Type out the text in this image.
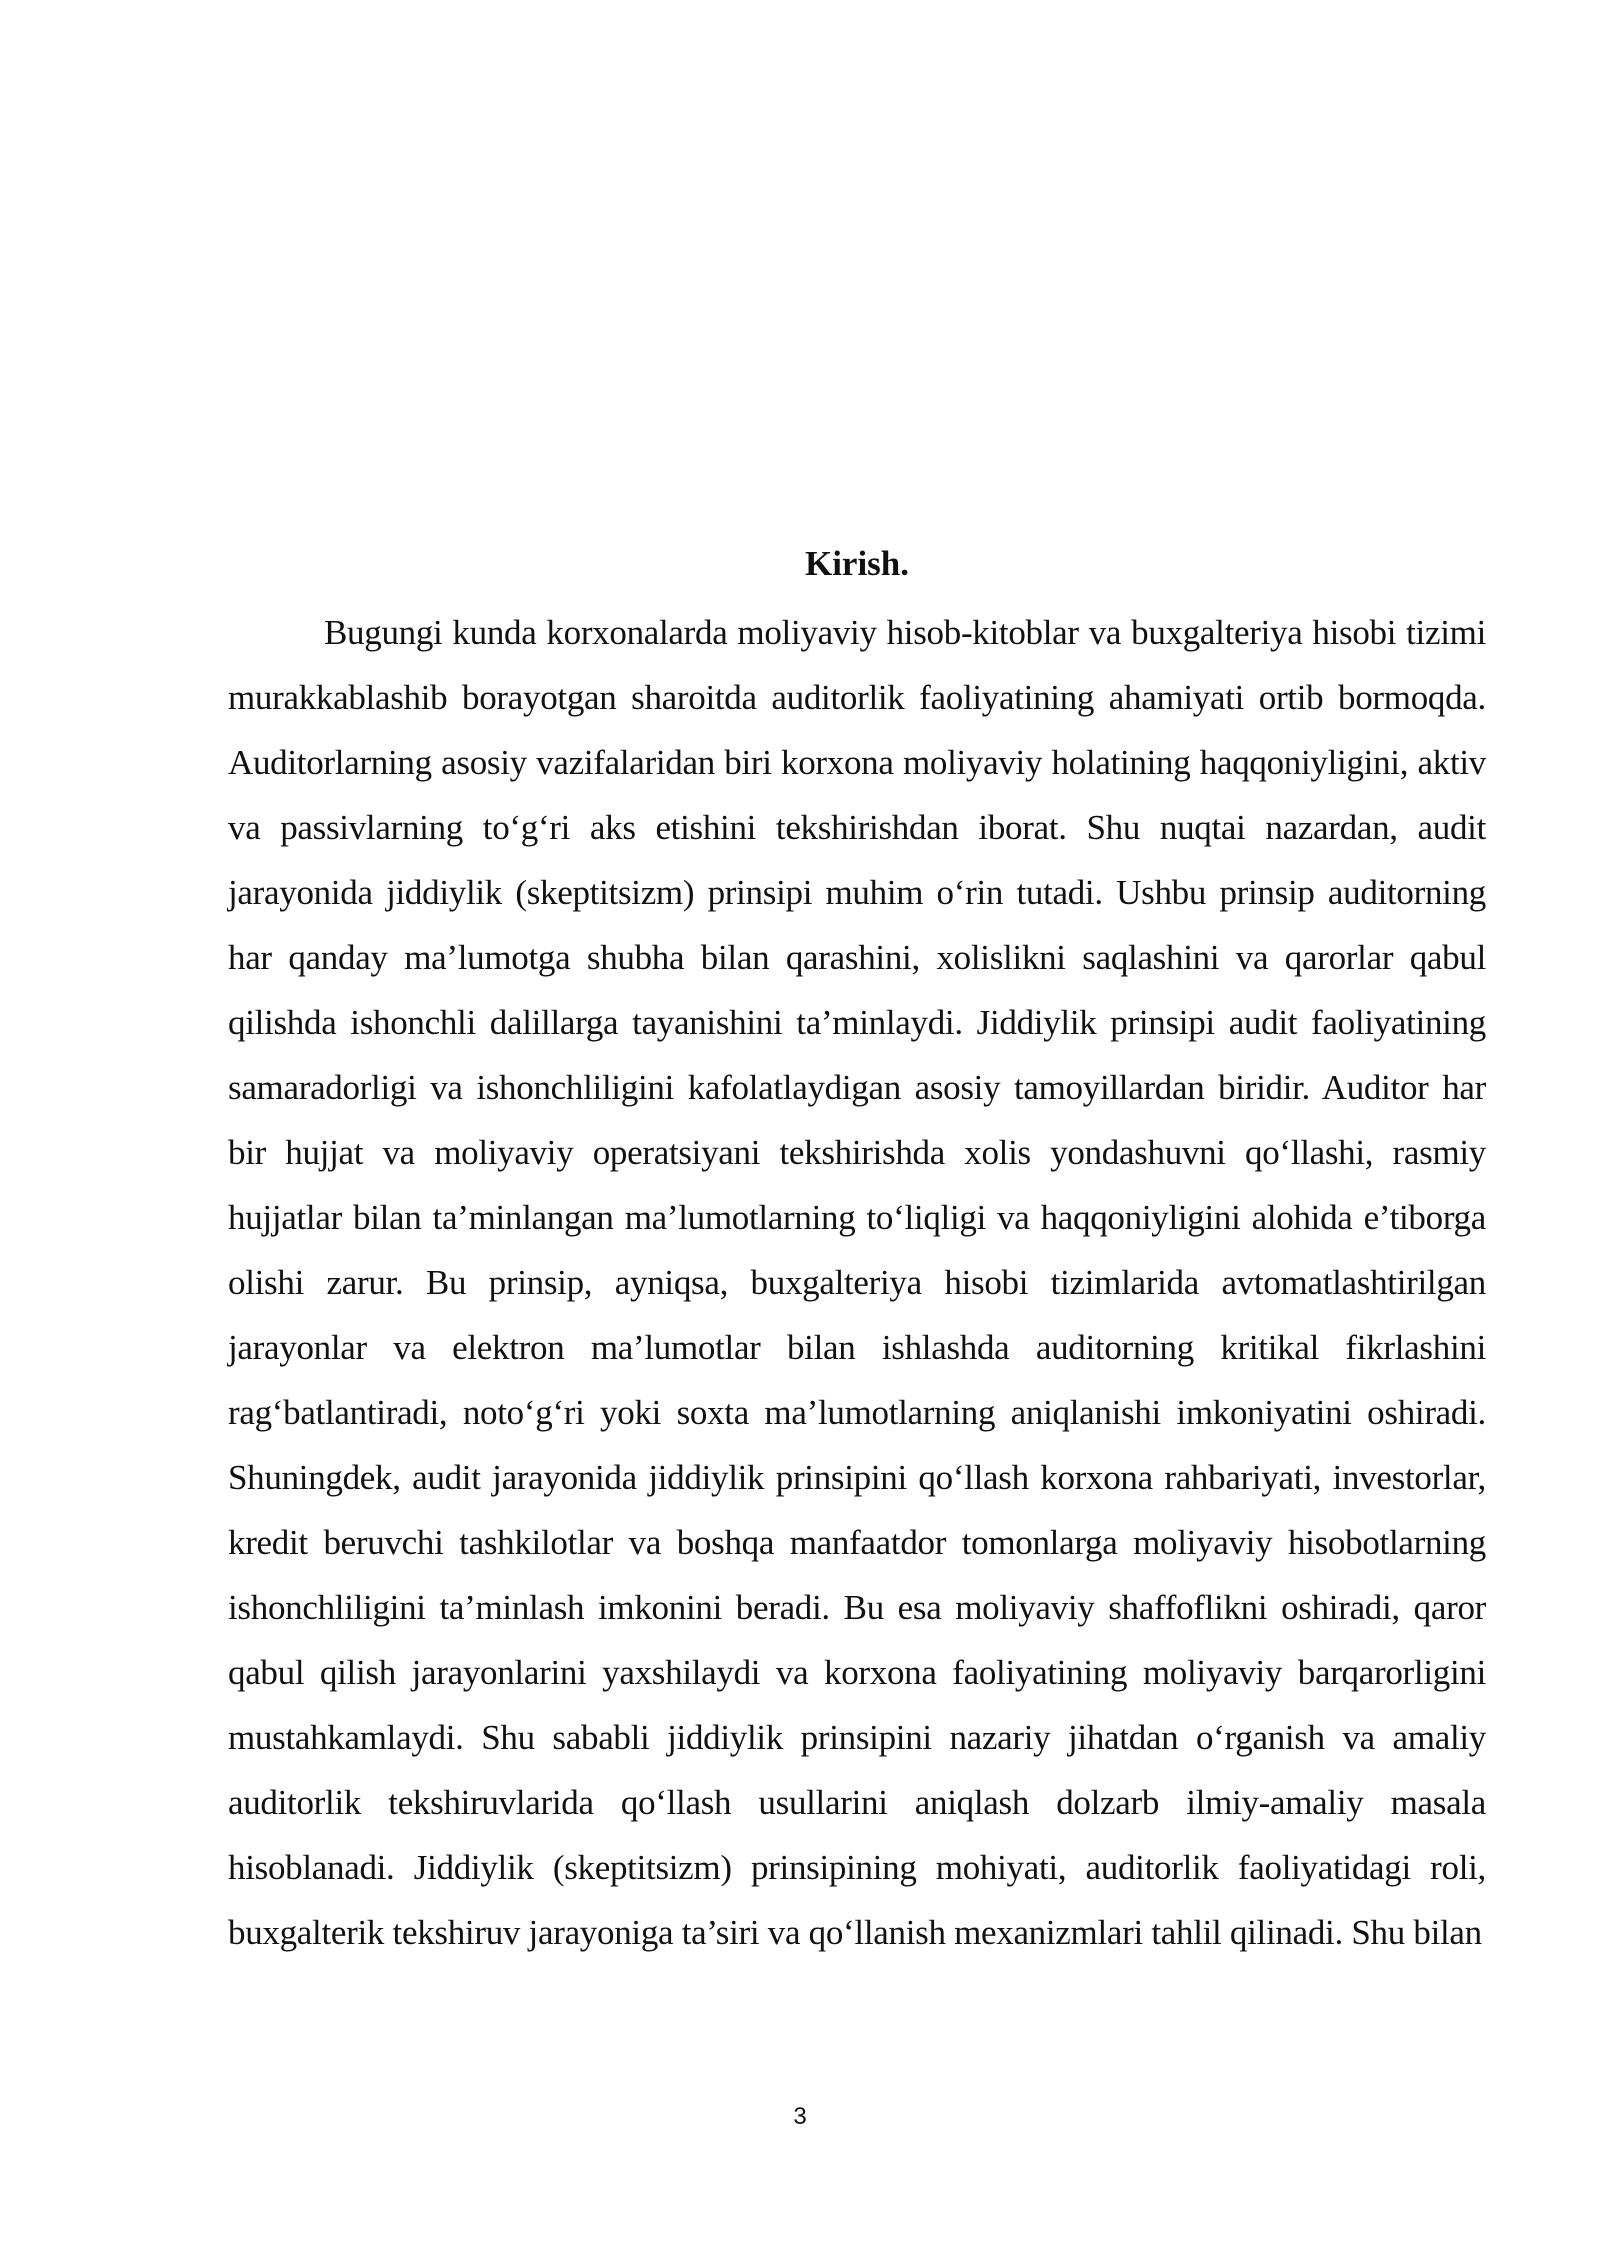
Kirish.

Bugungi kunda korxonalarda moliyaviy hisob-kitoblar va buxgalteriya hisobi tizimi murakkablashib borayotgan sharoitda auditorlik faoliyatining ahamiyati ortib bormoqda. Auditorlarning asosiy vazifalaridan biri korxona moliyaviy holatining haqqoniyligini, aktiv va passivlarning to‘g‘ri aks etishini tekshirishdan iborat. Shu nuqtai nazardan, audit jarayonida jiddiylik (skeptitsizm) prinsipi muhim o‘rin tutadi. Ushbu prinsip auditorning har qanday ma’lumotga shubha bilan qarashini, xolislikni saqlashini va qarorlar qabul qilishda ishonchli dalillarga tayanishini ta’minlaydi. Jiddiylik prinsipi audit faoliyatining samaradorligi va ishonchliligini kafolatlaydigan asosiy tamoyillardan biridir. Auditor har bir hujjat va moliyaviy operatsiyani tekshirishda xolis yondashuvni qo‘llashi, rasmiy hujjatlar bilan ta’minlangan ma’lumotlarning to‘liqligi va haqqoniyligini alohida e’tiborga olishi zarur. Bu prinsip, ayniqsa, buxgalteriya hisobi tizimlarida avtomatlashtirilgan jarayonlar va elektron ma’lumotlar bilan ishlashda auditorning kritikal fikrlashini rag‘batlantiradi, noto‘g‘ri yoki soxta ma’lumotlarning aniqlanishi imkoniyatini oshiradi. Shuningdek, audit jarayonida jiddiylik prinsipini qo‘llash korxona rahbariyati, investorlar, kredit beruvchi tashkilotlar va boshqa manfaatdor tomonlarga moliyaviy hisobotlarning ishonchliligini ta’minlash imkonini beradi. Bu esa moliyaviy shaffoflikni oshiradi, qaror qabul qilish jarayonlarini yaxshilaydi va korxona faoliyatining moliyaviy barqarorligini mustahkamlaydi. Shu sababli jiddiylik prinsipini nazariy jihatdan o‘rganish va amaliy auditorlik tekshiruvlarida qo‘llash usullarini aniqlash dolzarb ilmiy-amaliy masala hisoblanadi. Jiddiylik (skeptitsizm) prinsipining mohiyati, auditorlik faoliyatidagi roli, buxgalterik tekshiruv jarayoniga ta’siri va qo‘llanish mexanizmlari tahlil qilinadi. Shu bilan

3
